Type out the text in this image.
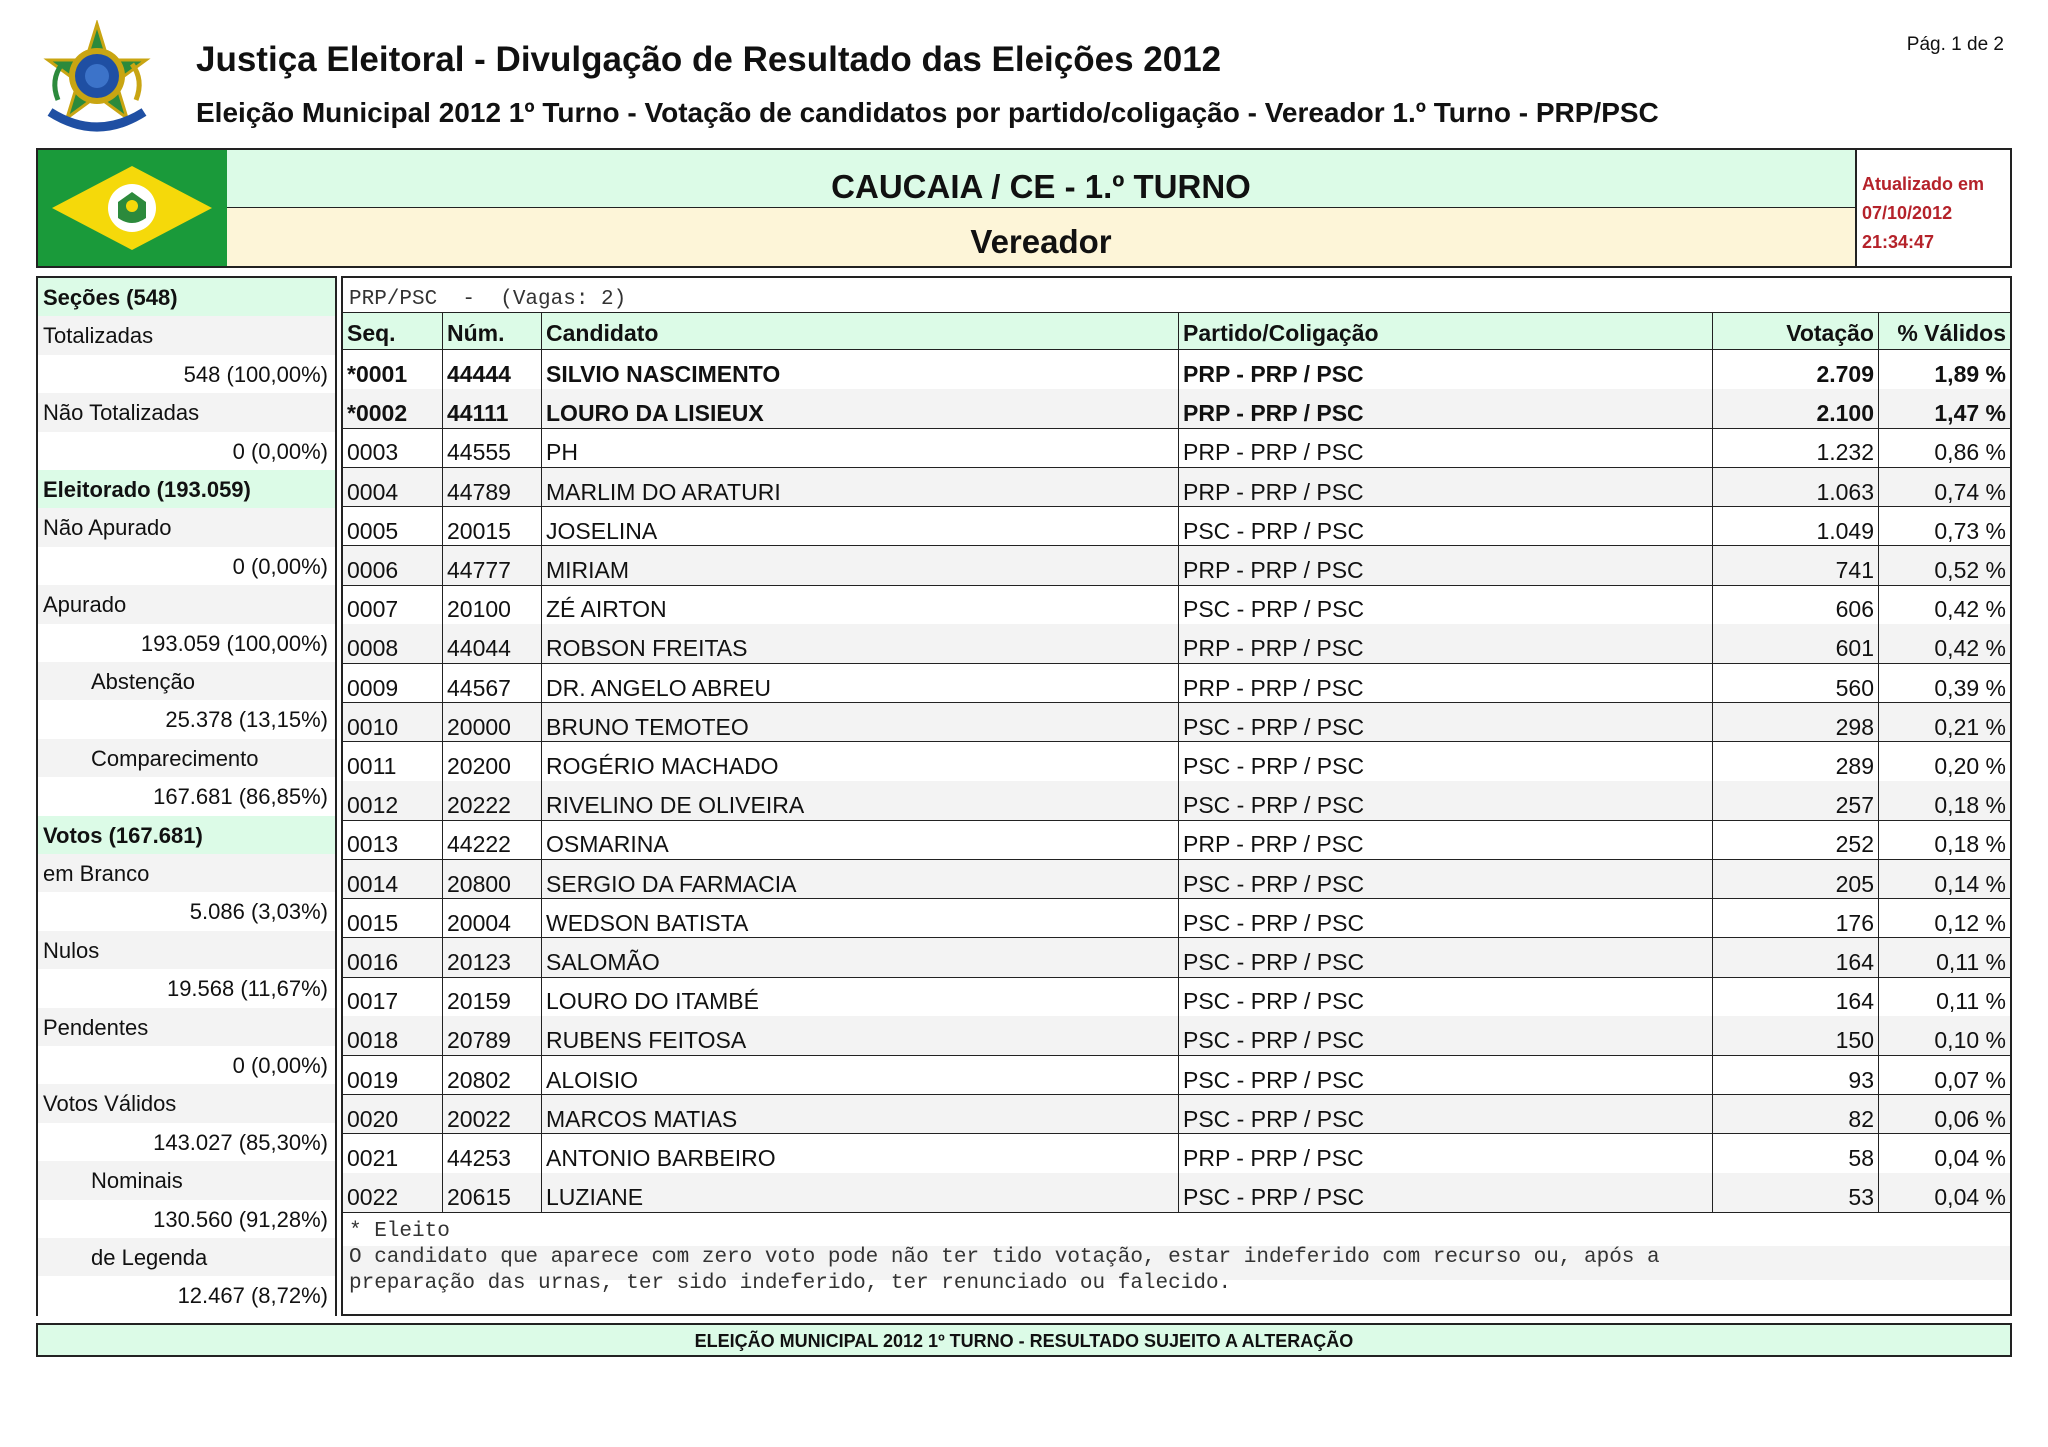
Justiça Eleitoral - Divulgação de Resultado das Eleições 2012
Eleição Municipal 2012 1º Turno - Votação de candidatos por partido/coligação - Vereador 1.º Turno - PRP/PSC
Pág. 1 de 2
CAUCAIA / CE - 1.º TURNO
Vereador
Atualizado em
07/10/2012
21:34:47
Seções (548)
Totalizadas
548 (100,00%)
Não Totalizadas
0 (0,00%)
Eleitorado (193.059)
Não Apurado
0 (0,00%)
Apurado
193.059 (100,00%)
Abstenção
25.378 (13,15%)
Comparecimento
167.681 (86,85%)
Votos (167.681)
em Branco
5.086 (3,03%)
Nulos
19.568 (11,67%)
Pendentes
0 (0,00%)
Votos Válidos
143.027 (85,30%)
Nominais
130.560 (91,28%)
de Legenda
12.467 (8,72%)
PRP/PSC  -  (Vagas: 2)
Seq.	Núm.	Candidato	Partido/Coligação	Votação	% Válidos
*0001	44444	SILVIO NASCIMENTO	PRP - PRP / PSC	2.709	1,89 %
*0002	44111	LOURO DA LISIEUX	PRP - PRP / PSC	2.100	1,47 %
0003	44555	PH	PRP - PRP / PSC	1.232	0,86 %
0004	44789	MARLIM DO ARATURI	PRP - PRP / PSC	1.063	0,74 %
0005	20015	JOSELINA	PSC - PRP / PSC	1.049	0,73 %
0006	44777	MIRIAM	PRP - PRP / PSC	741	0,52 %
0007	20100	ZÉ AIRTON	PSC - PRP / PSC	606	0,42 %
0008	44044	ROBSON FREITAS	PRP - PRP / PSC	601	0,42 %
0009	44567	DR. ANGELO ABREU	PRP - PRP / PSC	560	0,39 %
0010	20000	BRUNO TEMOTEO	PSC - PRP / PSC	298	0,21 %
0011	20200	ROGÉRIO MACHADO	PSC - PRP / PSC	289	0,20 %
0012	20222	RIVELINO DE OLIVEIRA	PSC - PRP / PSC	257	0,18 %
0013	44222	OSMARINA	PRP - PRP / PSC	252	0,18 %
0014	20800	SERGIO DA FARMACIA	PSC - PRP / PSC	205	0,14 %
0015	20004	WEDSON BATISTA	PSC - PRP / PSC	176	0,12 %
0016	20123	SALOMÃO	PSC - PRP / PSC	164	0,11 %
0017	20159	LOURO DO ITAMBÉ	PSC - PRP / PSC	164	0,11 %
0018	20789	RUBENS FEITOSA	PSC - PRP / PSC	150	0,10 %
0019	20802	ALOISIO	PSC - PRP / PSC	93	0,07 %
0020	20022	MARCOS MATIAS	PSC - PRP / PSC	82	0,06 %
0021	44253	ANTONIO BARBEIRO	PRP - PRP / PSC	58	0,04 %
0022	20615	LUZIANE	PSC - PRP / PSC	53	0,04 %
* Eleito
O candidato que aparece com zero voto pode não ter tido votação, estar indeferido com recurso ou, após a
preparação das urnas, ter sido indeferido, ter renunciado ou falecido.
ELEIÇÃO MUNICIPAL 2012 1º TURNO - RESULTADO SUJEITO A ALTERAÇÃO
